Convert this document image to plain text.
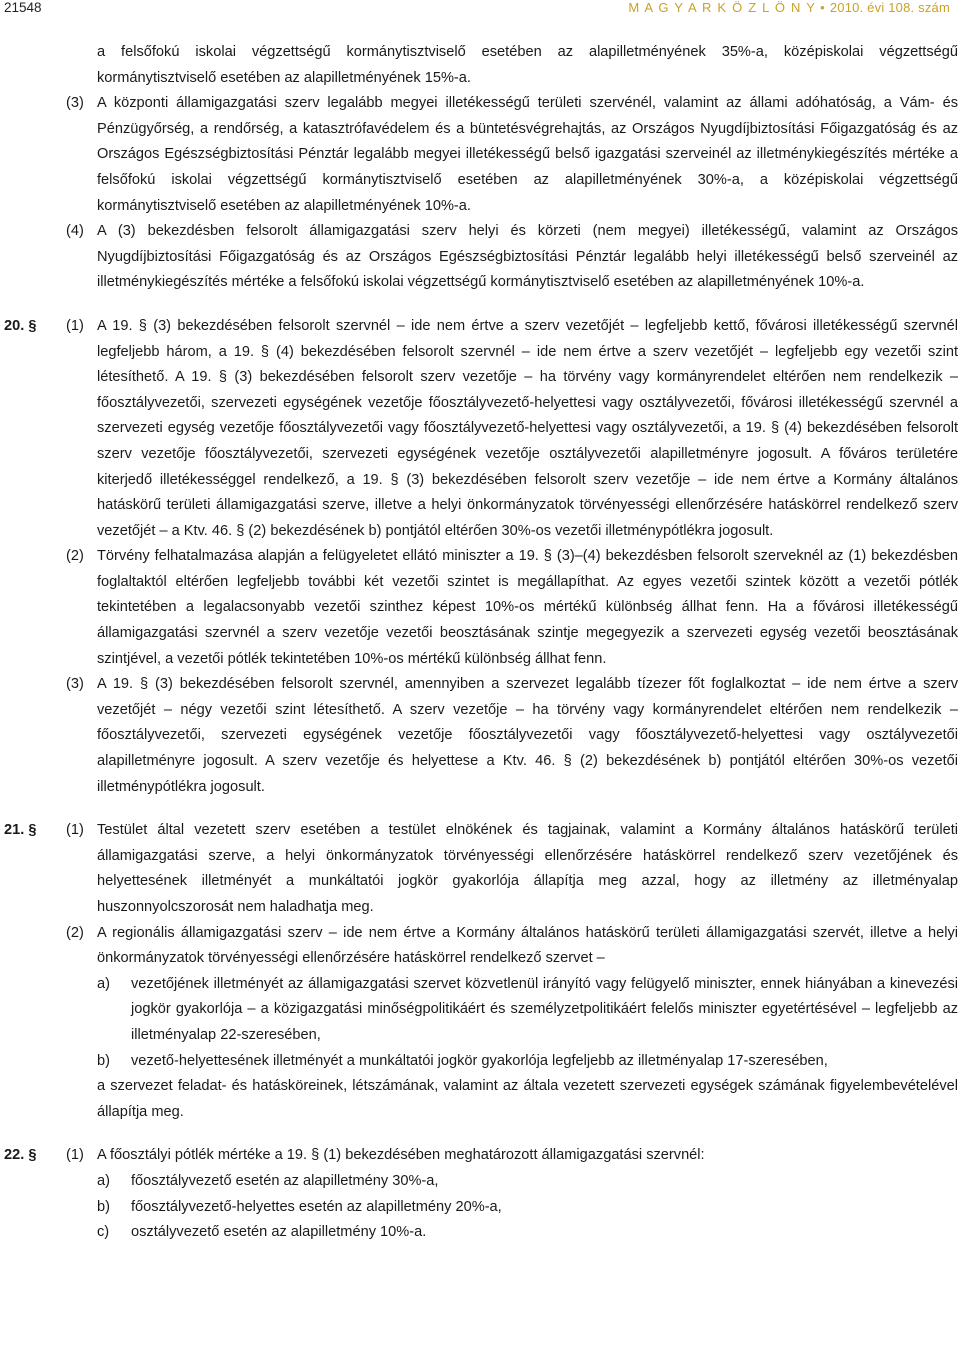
21548	M A G Y A R K Ö Z L Ö N Y • 2010. évi 108. szám
a felsőfokú iskolai végzettségű kormánytisztviselő esetében az alapilletményének 35%-a, középiskolai végzettségű kormánytisztviselő esetében az alapilletményének 15%-a.
(3) A központi államigazgatási szerv legalább megyei illetékességű területi szervénél, valamint az állami adóhatóság, a Vám- és Pénzügyőrség, a rendőrség, a katasztrófavédelem és a büntetésvégrehajtás, az Országos Nyugdíjbiztosítási Főigazgatóság és az Országos Egészségbiztosítási Pénztár legalább megyei illetékességű belső igazgatási szerveinél az illetménykiegészítés mértéke a felsőfokú iskolai végzettségű kormánytisztviselő esetében az alapilletményének 30%-a, a középiskolai végzettségű kormánytisztviselő esetében az alapilletményének 10%-a.
(4) A (3) bekezdésben felsorolt államigazgatási szerv helyi és körzeti (nem megyei) illetékességű, valamint az Országos Nyugdíjbiztosítási Főigazgatóság és az Országos Egészségbiztosítási Pénztár legalább helyi illetékességű belső szerveinél az illetménykiegészítés mértéke a felsőfokú iskolai végzettségű kormánytisztviselő esetében az alapilletményének 10%-a.
20. § (1) A 19. § (3) bekezdésében felsorolt szervnél – ide nem értve a szerv vezetőjét – legfeljebb kettő, fővárosi illetékességű szervnél legfeljebb három, a 19. § (4) bekezdésében felsorolt szervnél – ide nem értve a szerv vezetőjét – legfeljebb egy vezetői szint létesíthető. A 19. § (3) bekezdésében felsorolt szerv vezetője – ha törvény vagy kormányrendelet eltérően nem rendelkezik – főosztályvezetői, szervezeti egységének vezetője főosztályvezető-helyettesi vagy osztályvezetői, fővárosi illetékességű szervnél a szervezeti egység vezetője főosztályvezetői vagy főosztályvezető-helyettesi vagy osztályvezetői, a 19. § (4) bekezdésében felsorolt szerv vezetője főosztályvezetői, szervezeti egységének vezetője osztályvezetői alapilletményre jogosult. A főváros területére kiterjedő illetékességgel rendelkező, a 19. § (3) bekezdésében felsorolt szerv vezetője – ide nem értve a Kormány általános hatáskörű területi államigazgatási szerve, illetve a helyi önkormányzatok törvényességi ellenőrzésére hatáskörrel rendelkező szerv vezetőjét – a Ktv. 46. § (2) bekezdésének b) pontjától eltérően 30%-os vezetői illetménypótlékra jogosult.
(2) Törvény felhatalmazása alapján a felügyeletet ellátó miniszter a 19. § (3)–(4) bekezdésben felsorolt szerveknél az (1) bekezdésben foglaltaktól eltérően legfeljebb további két vezetői szintet is megállapíthat. Az egyes vezetői szintek között a vezetői pótlék tekintetében a legalacsonyabb vezetői szinthez képest 10%-os mértékű különbség állhat fenn. Ha a fővárosi illetékességű államigazgatási szervnél a szerv vezetője vezetői beosztásának szintje megegyezik a szervezeti egység vezetői beosztásának szintjével, a vezetői pótlék tekintetében 10%-os mértékű különbség állhat fenn.
(3) A 19. § (3) bekezdésében felsorolt szervnél, amennyiben a szervezet legalább tízezer főt foglalkoztat – ide nem értve a szerv vezetőjét – négy vezetői szint létesíthető. A szerv vezetője – ha törvény vagy kormányrendelet eltérően nem rendelkezik – főosztályvezetői, szervezeti egységének vezetője főosztályvezetői vagy főosztályvezető-helyettesi vagy osztályvezetői alapilletményre jogosult. A szerv vezetője és helyettese a Ktv. 46. § (2) bekezdésének b) pontjától eltérően 30%-os vezetői illetménypótlékra jogosult.
21. § (1) Testület által vezetett szerv esetében a testület elnökének és tagjainak, valamint a Kormány általános hatáskörű területi államigazgatási szerve, a helyi önkormányzatok törvényességi ellenőrzésére hatáskörrel rendelkező szerv vezetőjének és helyettesének illetményét a munkáltatói jogkör gyakorlója állapítja meg azzal, hogy az illetmény az illetményalap huszonnyolcszorosát nem haladhatja meg.
(2) A regionális államigazgatási szerv – ide nem értve a Kormány általános hatáskörű területi államigazgatási szervét, illetve a helyi önkormányzatok törvényességi ellenőrzésére hatáskörrel rendelkező szervet –
a) vezetőjének illetményét az államigazgatási szervet közvetlenül irányító vagy felügyelő miniszter, ennek hiányában a kinevezési jogkör gyakorlója – a közigazgatási minőségpolitikáért és személyzetpolitikáért felelős miniszter egyetértésével – legfeljebb az illetményalap 22-szeresében,
b) vezető-helyettesének illetményét a munkáltatói jogkör gyakorlója legfeljebb az illetményalap 17-szeresében,
a szervezet feladat- és hatásköreinek, létszámának, valamint az általa vezetett szervezeti egységek számának figyelembevételével állapítja meg.
22. § (1) A főosztályi pótlék mértéke a 19. § (1) bekezdésében meghatározott államigazgatási szervnél:
a) főosztályvezető esetén az alapilletmény 30%-a,
b) főosztályvezető-helyettes esetén az alapilletmény 20%-a,
c) osztályvezető esetén az alapilletmény 10%-a.
